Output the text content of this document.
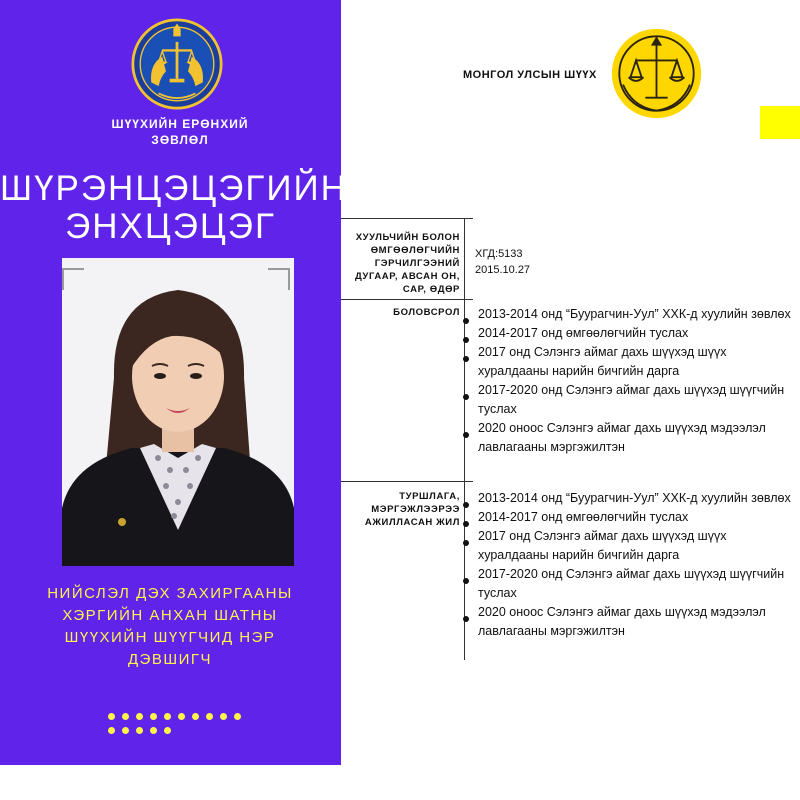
ШҮҮХИЙН ЕРӨНХИЙ ЗӨВЛӨЛ
ШҮРЭНЦЭЦЭГИЙН ЭНХЦЭЦЭГ
НИЙСЛЭЛ ДЭХ ЗАХИРГААНЫ ХЭРГИЙН АНХАН ШАТНЫ ШҮҮХИЙН ШҮҮГЧИД НЭР ДЭВШИГЧ
МОНГОЛ УЛСЫН ШҮҮХ
ХУУЛЬЧИЙН БОЛОН ӨМГӨӨЛӨГЧИЙН ГЭРЧИЛГЭЭНИЙ ДУГААР, АВСАН ОН, САР, ӨДӨР
ХГД:5133
2015.10.27
БОЛОВСРОЛ	2013-2014 онд “Буурагчин-Уул” ХХК-д хуулийн зөвлөх
2014-2017 онд өмгөөлөгчийн туслах
2017 онд Сэлэнгэ аймаг дахь шүүхэд шүүх хуралдааны нарийн бичгийн дарга
2017-2020 онд Сэлэнгэ аймаг дахь шүүхэд шүүгчийн туслах
2020 оноос Сэлэнгэ аймаг дахь шүүхэд мэдээлэл лавлагааны мэргэжилтэн
ТУРШЛАГА, МЭРГЭЖЛЭЭРЭЭ АЖИЛЛАСАН ЖИЛ
2013-2014 онд “Буурагчин-Уул” ХХК-д хуулийн зөвлөх
2014-2017 онд өмгөөлөгчийн туслах
2017 онд Сэлэнгэ аймаг дахь шүүхэд шүүх хуралдааны нарийн бичгийн дарга
2017-2020 онд Сэлэнгэ аймаг дахь шүүхэд шүүгчийн туслах
2020 оноос Сэлэнгэ аймаг дахь шүүхэд мэдээлэл лавлагааны мэргэжилтэн
